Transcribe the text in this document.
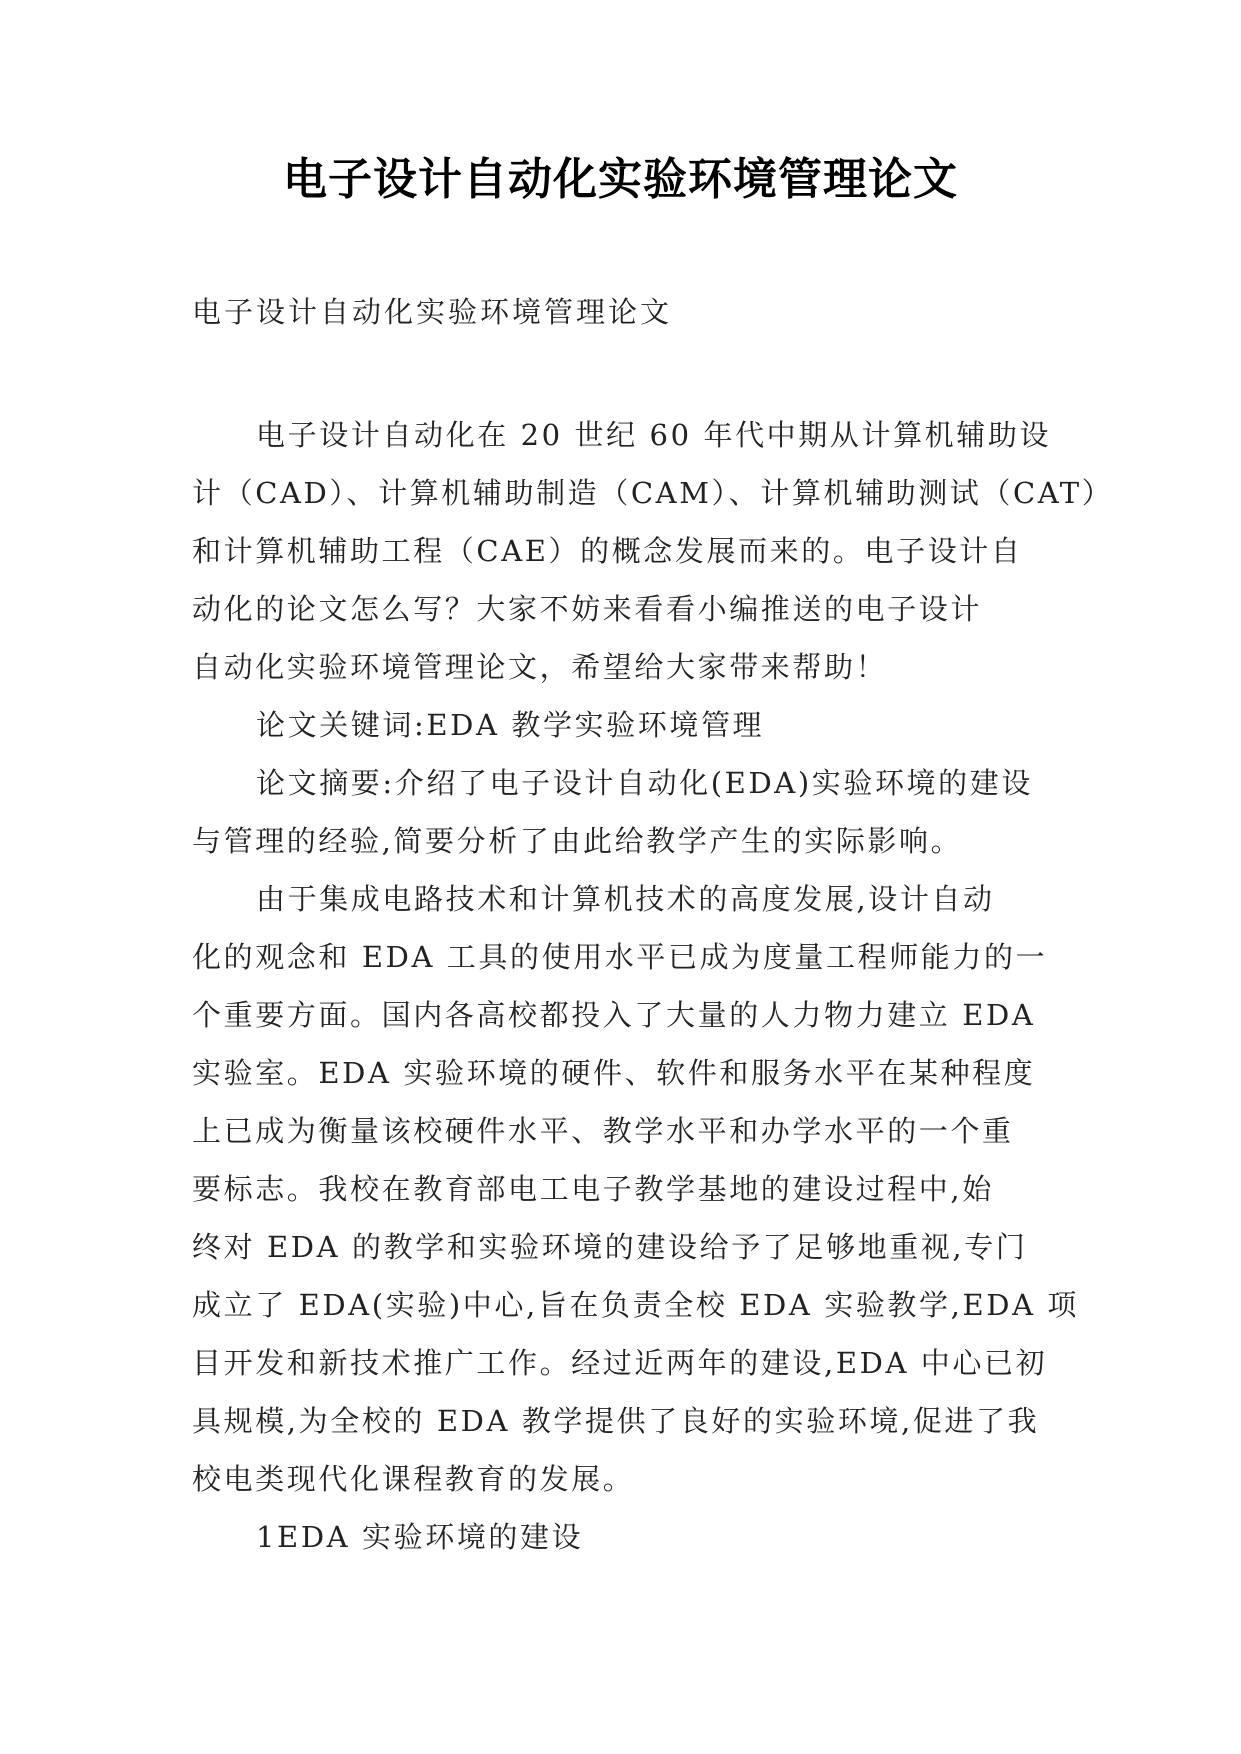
电子设计自动化实验环境管理论文

电子设计自动化实验环境管理论文

电子设计自动化在 20 世纪 60 年代中期从计算机辅助设
计（CAD）、计算机辅助制造（CAM）、计算机辅助测试（CAT）
和计算机辅助工程（CAE）的概念发展而来的。电子设计自
动化的论文怎么写？大家不妨来看看小编推送的电子设计
自动化实验环境管理论文，希望给大家带来帮助！
论文关键词:EDA 教学实验环境管理
论文摘要:介绍了电子设计自动化(EDA)实验环境的建设
与管理的经验,简要分析了由此给教学产生的实际影响。
由于集成电路技术和计算机技术的高度发展,设计自动
化的观念和 EDA 工具的使用水平已成为度量工程师能力的一
个重要方面。国内各高校都投入了大量的人力物力建立 EDA
实验室。EDA 实验环境的硬件、软件和服务水平在某种程度
上已成为衡量该校硬件水平、教学水平和办学水平的一个重
要标志。我校在教育部电工电子教学基地的建设过程中,始
终对 EDA 的教学和实验环境的建设给予了足够地重视,专门
成立了 EDA(实验)中心,旨在负责全校 EDA 实验教学,EDA 项
目开发和新技术推广工作。经过近两年的建设,EDA 中心已初
具规模,为全校的 EDA 教学提供了良好的实验环境,促进了我
校电类现代化课程教育的发展。
1EDA 实验环境的建设
